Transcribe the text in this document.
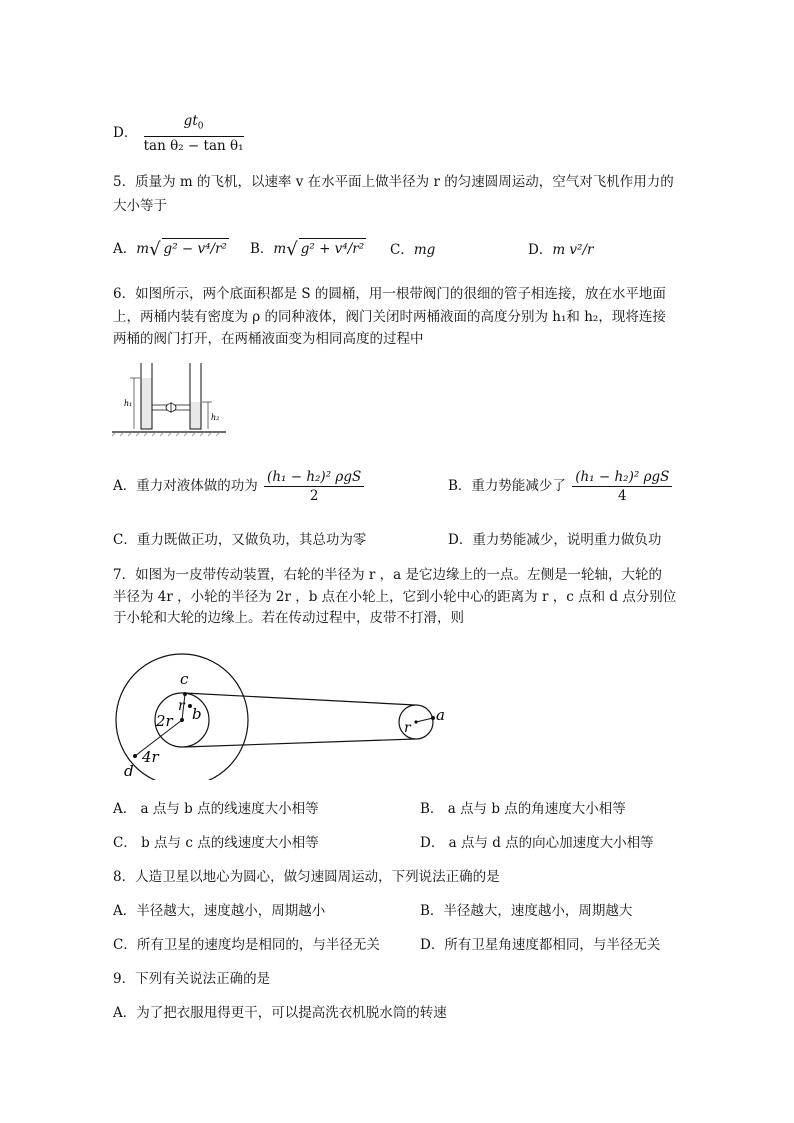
D． $\frac{gt_0}{\text{tan θ₂ − tan θ₁}}$
5．质量为 m 的飞机，以速率 v 在水平面上做半径为 r 的匀速圆周运动，空气对飞机作用力的
大小等于
A．m√ g² − v⁴/r² B．m√ g² + v⁴/r² C．mg	D．m v²/r
6．如图所示，两个底面积都是 S 的圆桶，用一根带阀门的很细的管子相连接，放在水平地面
上，两桶内装有密度为 ρ 的同种液体，阀门关闭时两桶液面的高度分别为 h₁和 h₂，现将连接
两桶的阀门打开，在两桶液面变为相同高度的过程中
h₁
h₂
A．重力对液体做的功为 $\frac{\text{(h₁ − h₂)² ρgS}}{2}$	B．重力势能减少了 $\frac{\text{(h₁ − h₂)² ρgS}}{4}$
C．重力既做正功，又做负功，其总功为零	D．重力势能减少，说明重力做负功
7．如图为一皮带传动装置，右轮的半径为 r ，a 是它边缘上的一点。左侧是一轮轴，大轮的
半径为 4r ，小轮的半径为 2r ，b 点在小轮上，它到小轮中心的距离为 r ，c 点和 d 点分别位
于小轮和大轮的边缘上。若在传动过程中，皮带不打滑，则
c
r
2r b
4r
d
a
r
A． a 点与 b 点的线速度大小相等	B． a 点与 b 点的角速度大小相等
C． b 点与 c 点的线速度大小相等	D． a 点与 d 点的向心加速度大小相等
8．人造卫星以地心为圆心，做匀速圆周运动，下列说法正确的是
A．半径越大，速度越小，周期越小	B．半径越大，速度越小，周期越大
C．所有卫星的速度均是相同的，与半径无关	D．所有卫星角速度都相同，与半径无关
9．下列有关说法正确的是
A．为了把衣服甩得更干，可以提高洗衣机脱水筒的转速
